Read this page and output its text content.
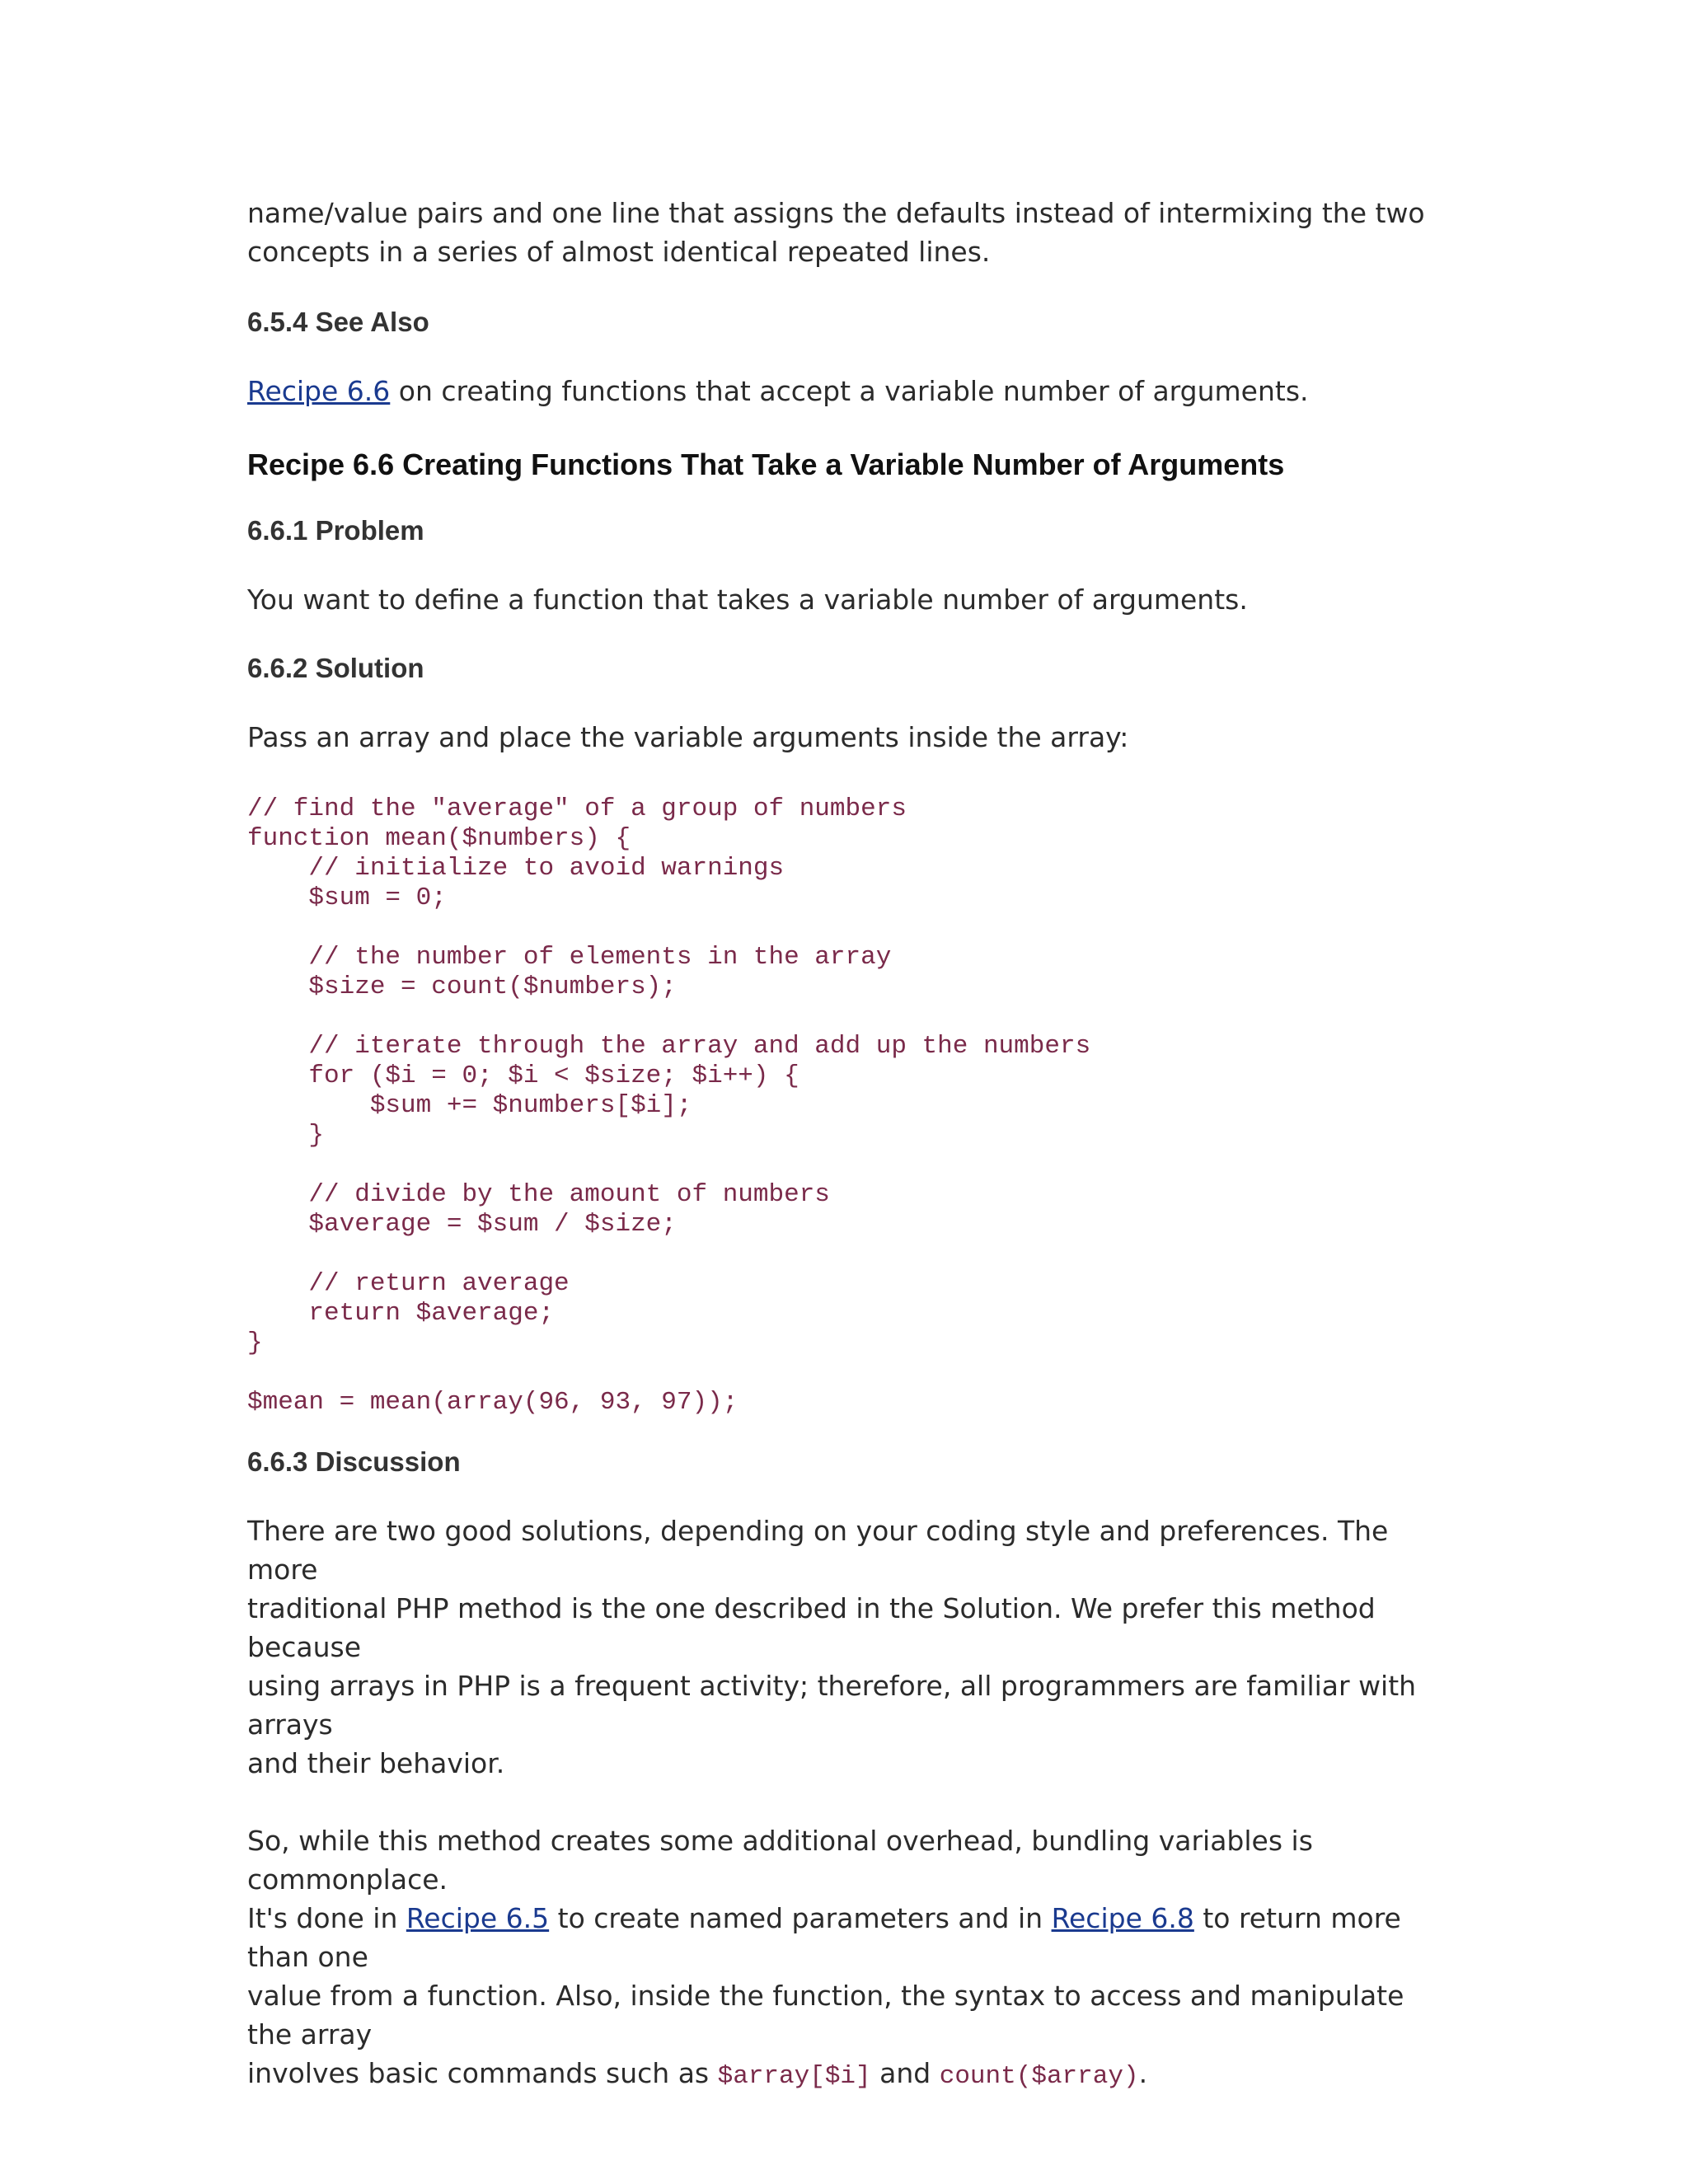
name/value pairs and one line that assigns the defaults instead of intermixing the two
concepts in a series of almost identical repeated lines.

6.5.4 See Also

Recipe 6.6 on creating functions that accept a variable number of arguments.

Recipe 6.6 Creating Functions That Take a Variable Number of Arguments
6.6.1 Problem

You want to define a function that takes a variable number of arguments.

6.6.2 Solution

Pass an array and place the variable arguments inside the array:

// find the "average" of a group of numbers
function mean($numbers) {
// initialize to avoid warnings
$sum = 0;

// the number of elements in the array
$size = count($numbers);

// iterate through the array and add up the numbers
for ($i = 0; $i < $size; $i++) {
$sum += $numbers[$i];
}

// divide by the amount of numbers
$average = $sum / $size;

// return average
return $average;
}

$mean = mean(array(96, 93, 97));
6.6.3 Discussion

There are two good solutions, depending on your coding style and preferences. The more
traditional PHP method is the one described in the Solution. We prefer this method because
using arrays in PHP is a frequent activity; therefore, all programmers are familiar with arrays
and their behavior.

So, while this method creates some additional overhead, bundling variables is commonplace.
It's done in Recipe 6.5 to create named parameters and in Recipe 6.8 to return more than one
value from a function. Also, inside the function, the syntax to access and manipulate the array
involves basic commands such as $array[$i] and count($array).
